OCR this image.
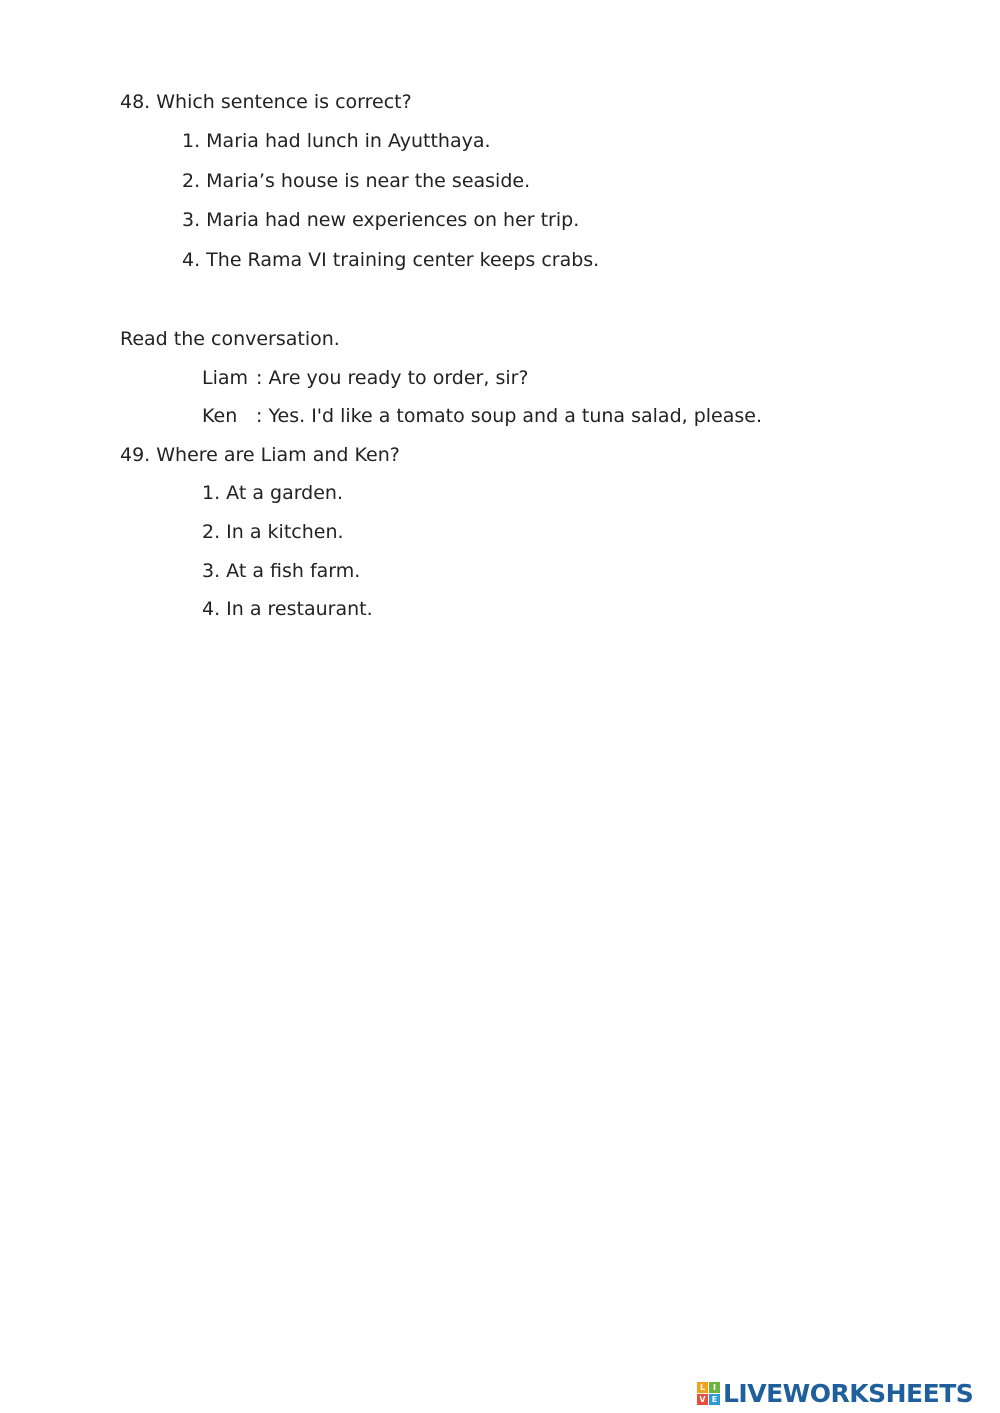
48. Which sentence is correct?
1. Maria had lunch in Ayutthaya.
2. Maria’s house is near the seaside.
3. Maria had new experiences on her trip.
4. The Rama VI training center keeps crabs.
Read the conversation.
Liam : Are you ready to order, sir?
Ken : Yes. I'd like a tomato soup and a tuna salad, please.
49. Where are Liam and Ken?
1. At a garden.
2. In a kitchen.
3. At a fish farm.
4. In a restaurant.
L I
V E LIVEWORKSHEETS
